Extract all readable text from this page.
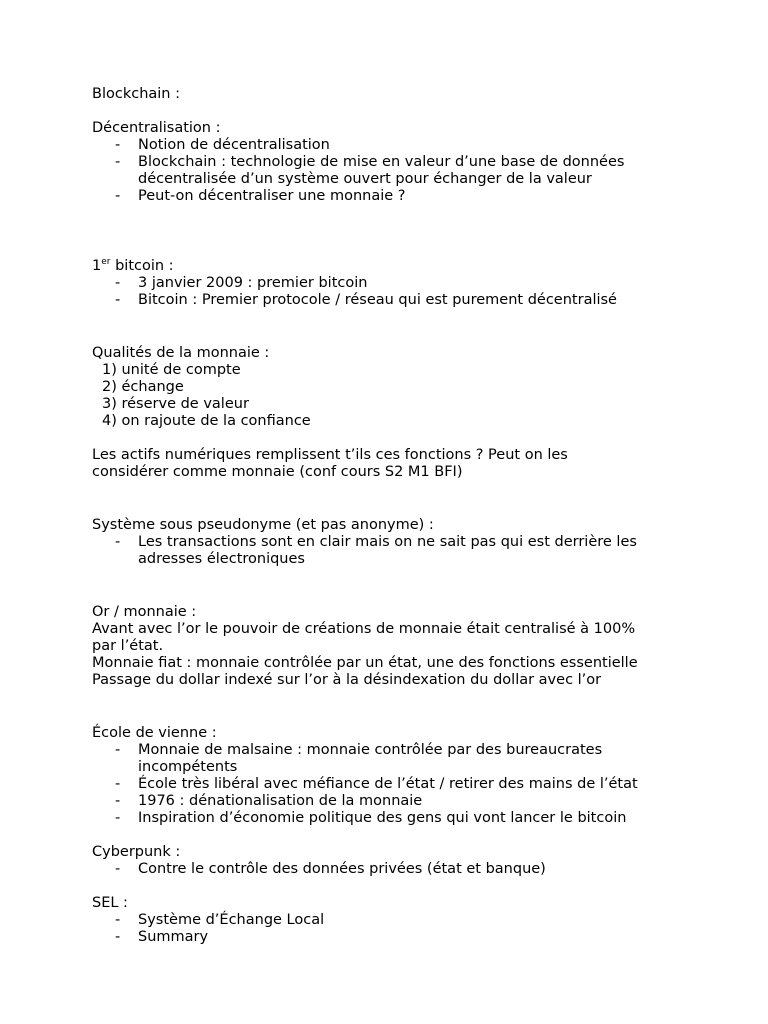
Blockchain :
Décentralisation :
- Notion de décentralisation
- Blockchain : technologie de mise en valeur d’une base de données décentralisée d’un système ouvert pour échanger de la valeur
- Peut-on décentraliser une monnaie ?
1er bitcoin :
- 3 janvier 2009 : premier bitcoin
- Bitcoin : Premier protocole / réseau qui est purement décentralisé
Qualités de la monnaie :
1) unité de compte
2) échange
3) réserve de valeur
4) on rajoute de la confiance
Les actifs numériques remplissent t’ils ces fonctions ? Peut on les
considérer comme monnaie (conf cours S2 M1 BFI)
Système sous pseudonyme (et pas anonyme) :
- Les transactions sont en clair mais on ne sait pas qui est derrière les adresses électroniques
Or / monnaie :
Avant avec l’or le pouvoir de créations de monnaie était centralisé à 100%
par l’état.
Monnaie fiat : monnaie contrôlée par un état, une des fonctions essentielle
Passage du dollar indexé sur l’or à la désindexation du dollar avec l’or
École de vienne :
- Monnaie de malsaine : monnaie contrôlée par des bureaucrates incompétents
- École très libéral avec méfiance de l’état / retirer des mains de l’état
- 1976 : dénationalisation de la monnaie
- Inspiration d’économie politique des gens qui vont lancer le bitcoin
Cyberpunk :
- Contre le contrôle des données privées (état et banque)
SEL :
- Système d’Échange Local
- Summary
